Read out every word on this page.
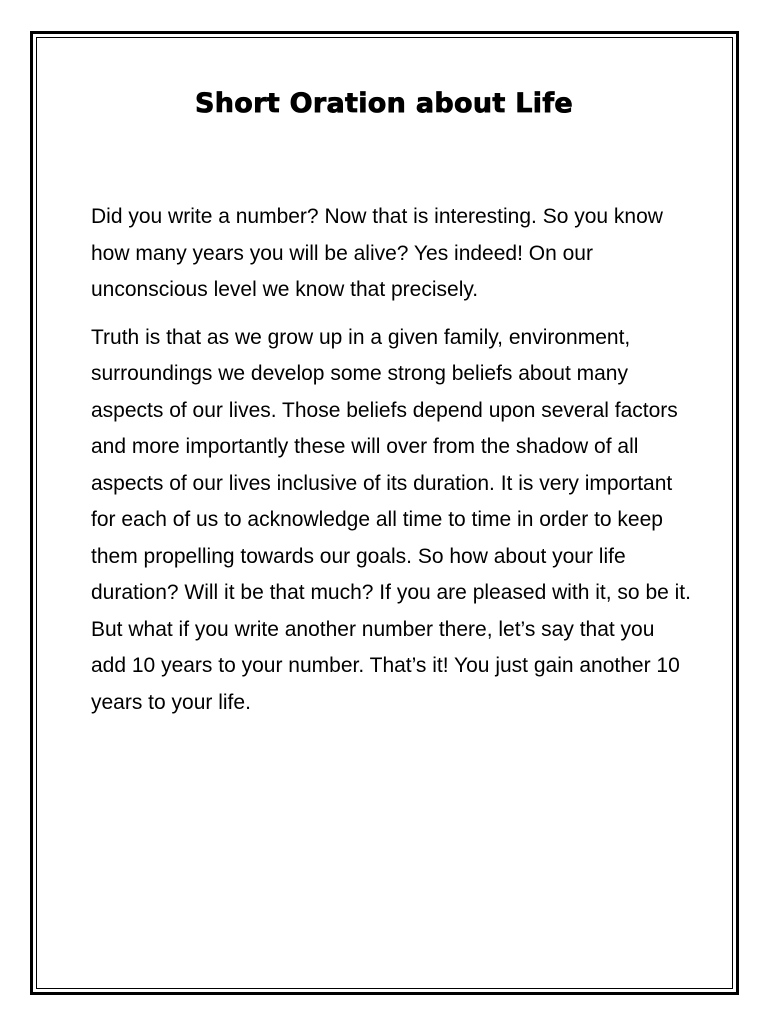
Short Oration about Life

Did you write a number? Now that is interesting. So you know how many years you will be alive? Yes indeed! On our unconscious level we know that precisely.

Truth is that as we grow up in a given family, environment, surroundings we develop some strong beliefs about many aspects of our lives. Those beliefs depend upon several factors and more importantly these will over from the shadow of all aspects of our lives inclusive of its duration. It is very important for each of us to acknowledge all time to time in order to keep them propelling towards our goals. So how about your life duration? Will it be that much? If you are pleased with it, so be it. But what if you write another number there, let’s say that you add 10 years to your number. That’s it! You just gain another 10 years to your life.
